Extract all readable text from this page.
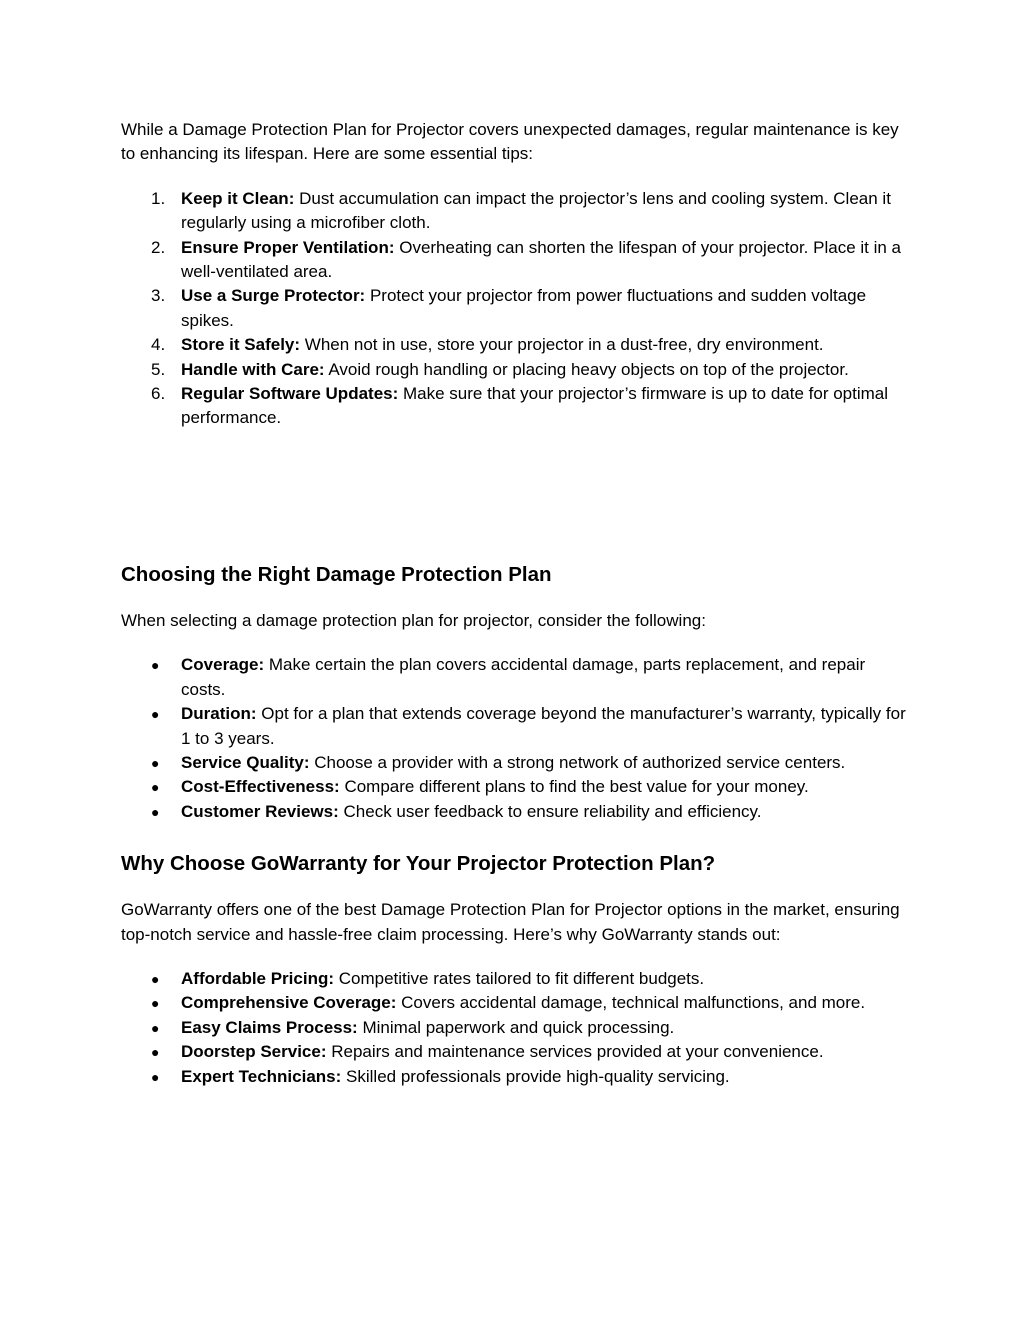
While a Damage Protection Plan for Projector covers unexpected damages, regular maintenance is key to enhancing its lifespan. Here are some essential tips:

1. Keep it Clean: Dust accumulation can impact the projector’s lens and cooling system. Clean it regularly using a microfiber cloth.
2. Ensure Proper Ventilation: Overheating can shorten the lifespan of your projector. Place it in a well-ventilated area.
3. Use a Surge Protector: Protect your projector from power fluctuations and sudden voltage spikes.
4. Store it Safely: When not in use, store your projector in a dust-free, dry environment.
5. Handle with Care: Avoid rough handling or placing heavy objects on top of the projector.
6. Regular Software Updates: Make sure that your projector’s firmware is up to date for optimal performance.
Choosing the Right Damage Protection Plan

When selecting a damage protection plan for projector, consider the following:

● Coverage: Make certain the plan covers accidental damage, parts replacement, and repair costs.
● Duration: Opt for a plan that extends coverage beyond the manufacturer’s warranty, typically for 1 to 3 years.
● Service Quality: Choose a provider with a strong network of authorized service centers.
● Cost-Effectiveness: Compare different plans to find the best value for your money.
● Customer Reviews: Check user feedback to ensure reliability and efficiency.
Why Choose GoWarranty for Your Projector Protection Plan?

GoWarranty offers one of the best Damage Protection Plan for Projector options in the market, ensuring top-notch service and hassle-free claim processing. Here’s why GoWarranty stands out:

● Affordable Pricing: Competitive rates tailored to fit different budgets.
● Comprehensive Coverage: Covers accidental damage, technical malfunctions, and more.
● Easy Claims Process: Minimal paperwork and quick processing.
● Doorstep Service: Repairs and maintenance services provided at your convenience.
● Expert Technicians: Skilled professionals provide high-quality servicing.
